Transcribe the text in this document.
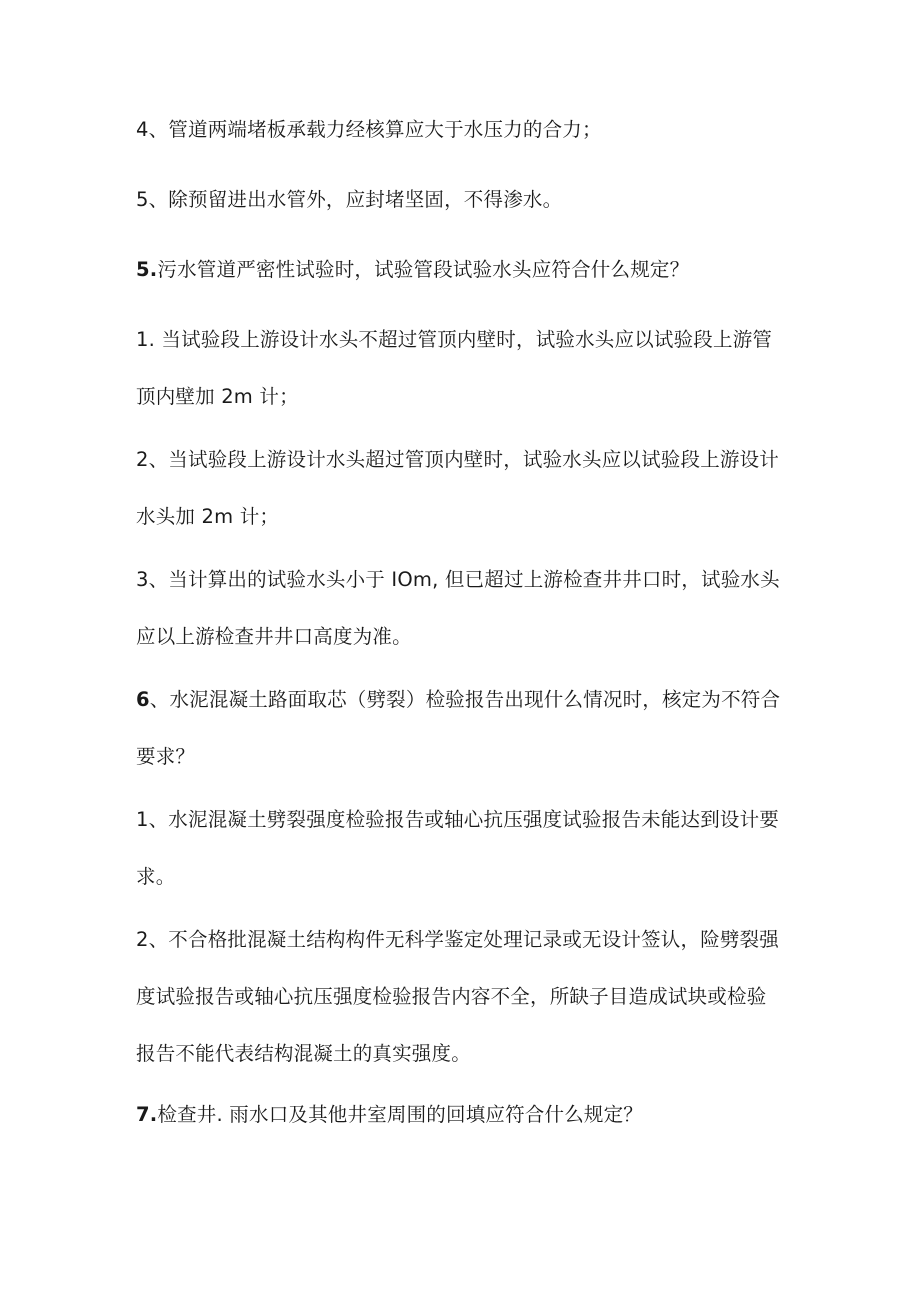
4、管道两端堵板承载力经核算应大于水压力的合力；

5、除预留进出水管外，应封堵坚固，不得渗水。

5.污水管道严密性试验时，试验管段试验水头应符合什么规定？

1. 当试验段上游设计水头不超过管顶内壁时，试验水头应以试验段上游管顶内壁加 2m 计；

2、当试验段上游设计水头超过管顶内壁时，试验水头应以试验段上游设计水头加 2m 计；

3、当计算出的试验水头小于 IOm, 但已超过上游检查井井口时，试验水头应以上游检查井井口高度为准。

6、水泥混凝土路面取芯（劈裂）检验报告出现什么情况时，核定为不符合要求？

1、水泥混凝土劈裂强度检验报告或轴心抗压强度试验报告未能达到设计要求。

2、不合格批混凝土结构构件无科学鉴定处理记录或无设计签认，险劈裂强度试验报告或轴心抗压强度检验报告内容不全，所缺子目造成试块或检验报告不能代表结构混凝土的真实强度。

7.检查井. 雨水口及其他井室周围的回填应符合什么规定？
